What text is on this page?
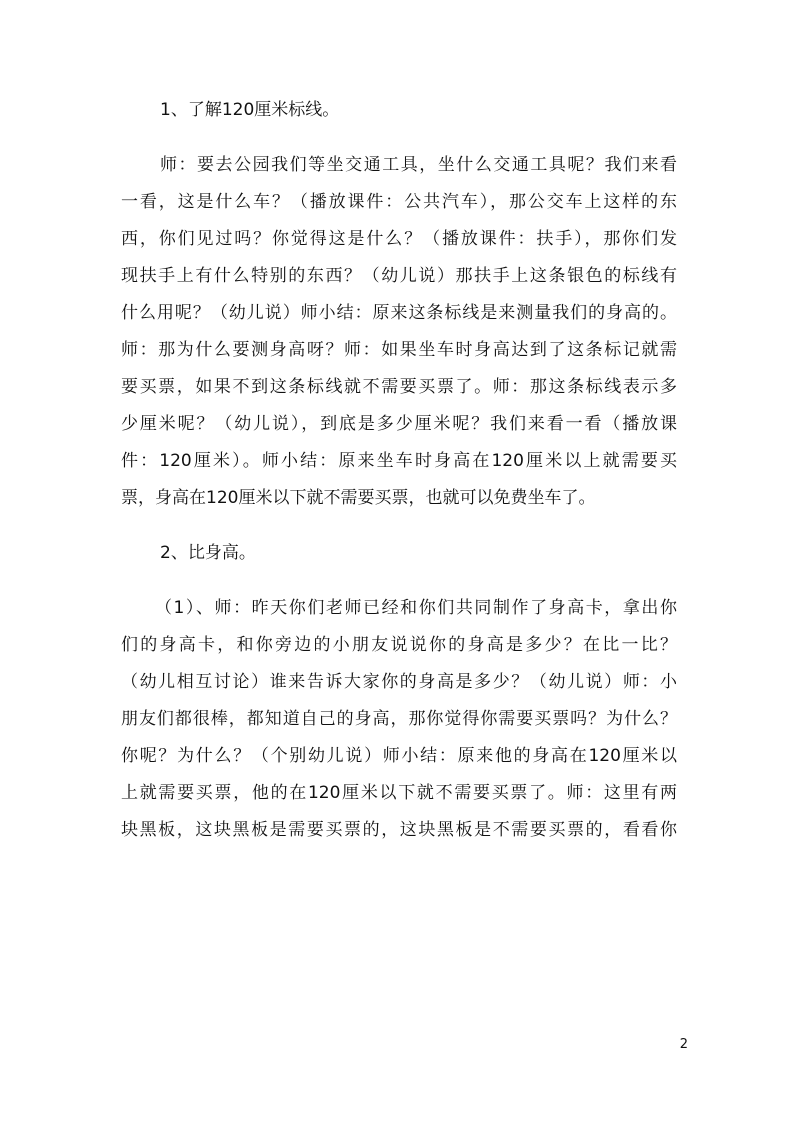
1、了解120厘米标线。

师：要去公园我们等坐交通工具，坐什么交通工具呢？我们来看
一看，这是什么车？（播放课件：公共汽车），那公交车上这样的东
西，你们见过吗？你觉得这是什么？（播放课件：扶手），那你们发
现扶手上有什么特别的东西？（幼儿说）那扶手上这条银色的标线有
什么用呢？（幼儿说）师小结：原来这条标线是来测量我们的身高的。
师：那为什么要测身高呀？师：如果坐车时身高达到了这条标记就需
要买票，如果不到这条标线就不需要买票了。师：那这条标线表示多
少厘米呢？（幼儿说），到底是多少厘米呢？我们来看一看（播放课
件：120厘米）。师小结：原来坐车时身高在120厘米以上就需要买
票，身高在120厘米以下就不需要买票，也就可以免费坐车了。

2、比身高。

（1）、师：昨天你们老师已经和你们共同制作了身高卡，拿出你
们的身高卡，和你旁边的小朋友说说你的身高是多少？在比一比？
（幼儿相互讨论）谁来告诉大家你的身高是多少？（幼儿说）师：小
朋友们都很棒，都知道自己的身高，那你觉得你需要买票吗？为什么？
你呢？为什么？（个别幼儿说）师小结：原来他的身高在120厘米以
上就需要买票，他的在120厘米以下就不需要买票了。师：这里有两
块黑板，这块黑板是需要买票的，这块黑板是不需要买票的，看看你
2
